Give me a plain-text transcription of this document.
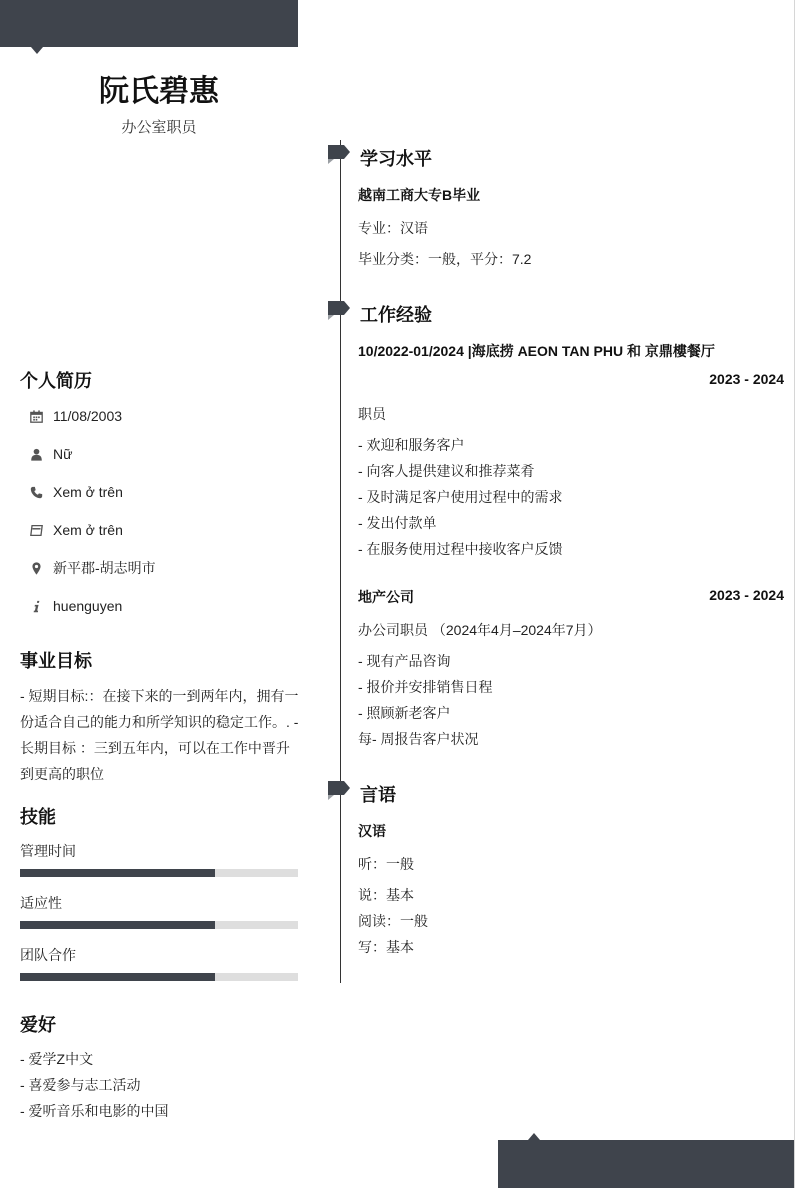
阮氏碧惠
办公室职员
个人简历
11/08/2003
Nữ
Xem ở trên
Xem ở trên
新平郡-胡志明市
huenguyen
事业目标
- 短期目标:：在接下来的一到两年内，拥有一份适合自己的能力和所学知识的稳定工作。. - 长期目标 ：三到五年内，可以在工作中晋升到更高的职位
技能
管理时间
适应性
团队合作
爱好
- 爱学Z中文
- 喜爱参与志工活动
- 爱听音乐和电影的中国
学习水平
越南工商大专B毕业
专业：汉语
毕业分类：一般，平分：7.2
工作经验
10/2022-01/2024 |海底捞 AEON TAN PHU 和 京鼎樓餐厅
2023 - 2024
职员
- 欢迎和服务客户
- 向客人提供建议和推荐菜肴
- 及时满足客户使用过程中的需求
- 发出付款单
- 在服务使用过程中接收客户反馈
地产公司	2023 - 2024
办公司职员 （2024年4月–2024年7月）
- 现有产品咨询
- 报价并安排销售日程
- 照顾新老客户
每- 周报告客户状况
言语
汉语
听：一般
说：基本
阅读：一般
写：基本
